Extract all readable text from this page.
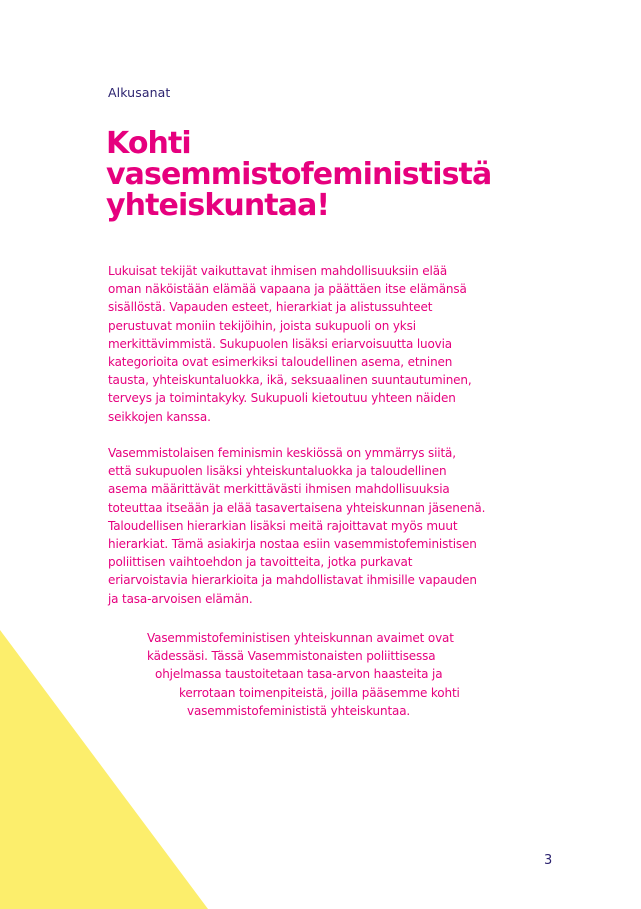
Alkusanat
Kohti
vasemmistofeminististä
yhteiskuntaa!

Lukuisat tekijät vaikuttavat ihmisen mahdollisuuksiin elää
oman näköistään elämää vapaana ja päättäen itse elämänsä
sisällöstä. Vapauden esteet, hierarkiat ja alistussuhteet
perustuvat moniin tekijöihin, joista sukupuoli on yksi
merkittävimmistä. Sukupuolen lisäksi eriarvoisuutta luovia
kategorioita ovat esimerkiksi taloudellinen asema, etninen
tausta, yhteiskuntaluokka, ikä, seksuaalinen suuntautuminen,
terveys ja toimintakyky. Sukupuoli kietoutuu yhteen näiden
seikkojen kanssa.

Vasemmistolaisen feminismin keskiössä on ymmärrys siitä,
että sukupuolen lisäksi yhteiskuntaluokka ja taloudellinen
asema määrittävät merkittävästi ihmisen mahdollisuuksia
toteuttaa itseään ja elää tasavertaisena yhteiskunnan jäsenenä.
Taloudellisen hierarkian lisäksi meitä rajoittavat myös muut
hierarkiat. Tämä asiakirja nostaa esiin vasemmistofeministisen
poliittisen vaihtoehdon ja tavoitteita, jotka purkavat
eriarvoistavia hierarkioita ja mahdollistavat ihmisille vapauden
ja tasa-arvoisen elämän.

Vasemmistofeministisen yhteiskunnan avaimet ovat
kädessäsi. Tässä Vasemmistonaisten poliittisessa
ohjelmassa taustoitetaan tasa-arvon haasteita ja
kerrotaan toimenpiteistä, joilla pääsemme kohti
vasemmistofeminististä yhteiskuntaa.

3
